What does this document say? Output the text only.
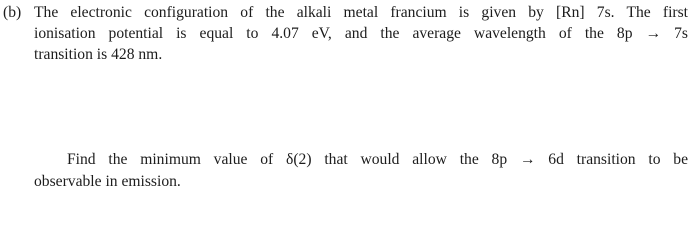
(b) The electronic configuration of the alkali metal francium is given by [Rn] 7s. The first
ionisation potential is equal to 4.07 eV, and the average wavelength of the 8p → 7s
transition is 428 nm.
Find the minimum value of δ(2) that would allow the 8p → 6d transition to be
observable in emission.
